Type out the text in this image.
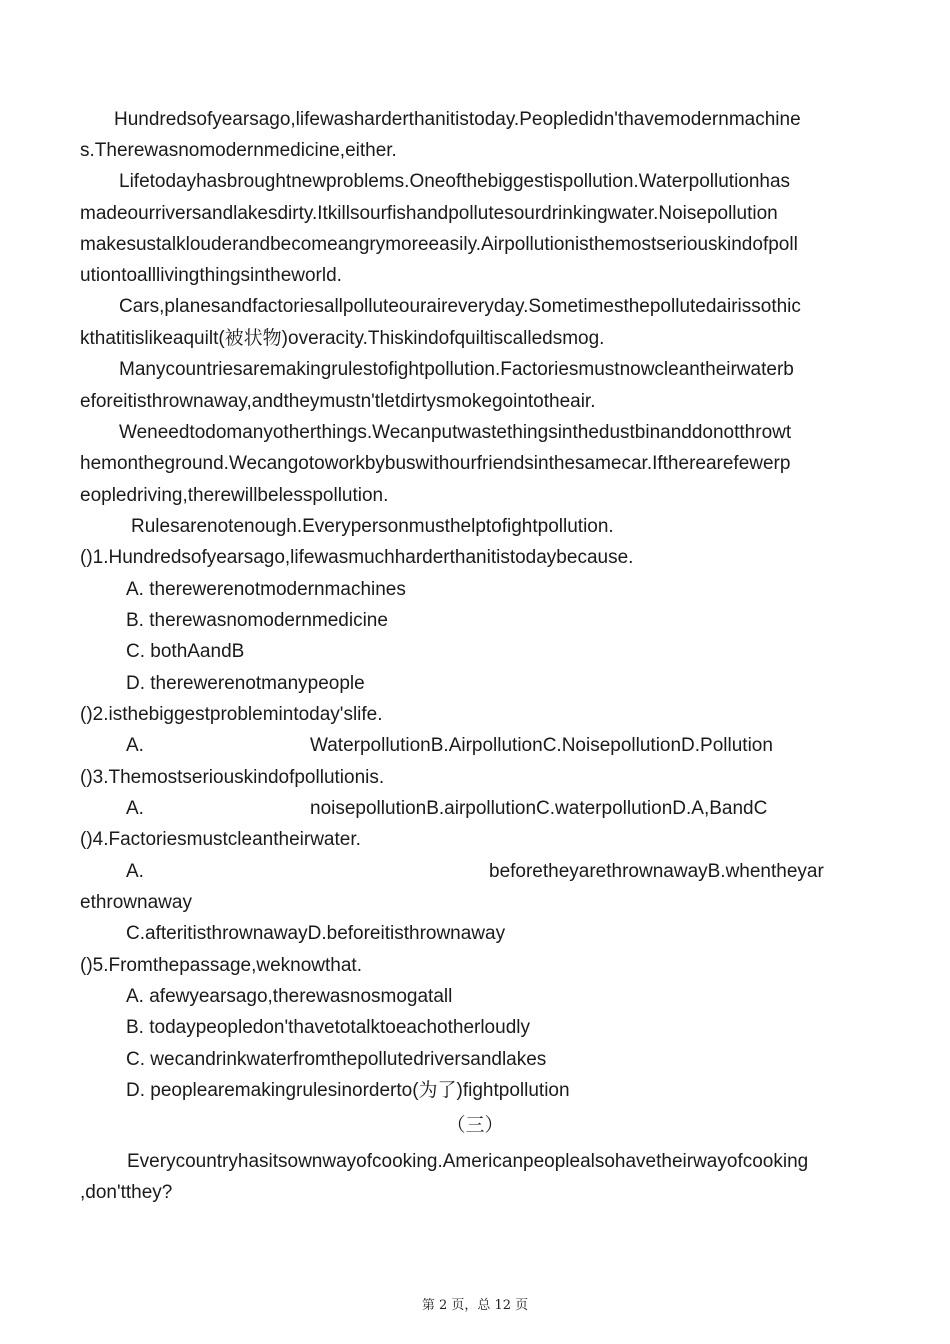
Hundredsofyearsago,lifewasharderthanitistoday.Peopledidn'thavemodernmachine
s.Therewasnomodernmedicine,either.
Lifetodayhasbroughtnewproblems.Oneofthebiggestispollution.Waterpollutionhas
madeourriversandlakesdirty.Itkillsourfishandpollutesourdrinkingwater.Noisepollution
makesustalklouderandbecomeangrymoreeasily.Airpollutionisthemostseriouskindofpoll
utiontoalllivingthingsintheworld.
Cars,planesandfactoriesallpolluteouraireveryday.Sometimesthepollutedairissothic
kthatitislikeaquilt(被状物)overacity.Thiskindofquiltiscalledsmog.
Manycountriesaremakingrulestofightpollution.Factoriesmustnowcleantheirwaterb
eforeitisthrownaway,andtheymustn'tletdirtysmokegointotheair.
Weneedtodomanyotherthings.Wecanputwastethingsinthedustbinanddonotthrowt
hemontheground.Wecangotoworkbybuswithourfriendsinthesamecar.Iftherearefewerp
eopledriving,therewillbelesspollution.
Rulesarenotenough.Everypersonmusthelptofightpollution.
()1.Hundredsofyearsago,lifewasmuchharderthanitistodaybecause.
A. therewerenotmodernmachines
B. therewasnomodernmedicine
C. bothAandB
D. therewerenotmanypeople
()2.isthebiggestproblemintoday'slife.
A.	WaterpollutionB.AirpollutionC.NoisepollutionD.Pollution
()3.Themostseriouskindofpollutionis.
A.	noisepollutionB.airpollutionC.waterpollutionD.A,BandC
()4.Factoriesmustcleantheirwater.
A.	beforetheyarethrownawayB.whentheyar
ethrownaway
C.afteritisthrownawayD.beforeitisthrownaway
()5.Fromthepassage,weknowthat.
A. afewyearsago,therewasnosmogatall
B. todaypeopledon'thavetotalktoeachotherloudly
C. wecandrinkwaterfromthepollutedriversandlakes
D. peoplearemakingrulesinorderto(为了)fightpollution
（三）
Everycountryhasitsownwayofcooking.Americanpeoplealsohavetheirwayofcooking
,don'tthey?
第 2 页，总 12 页
